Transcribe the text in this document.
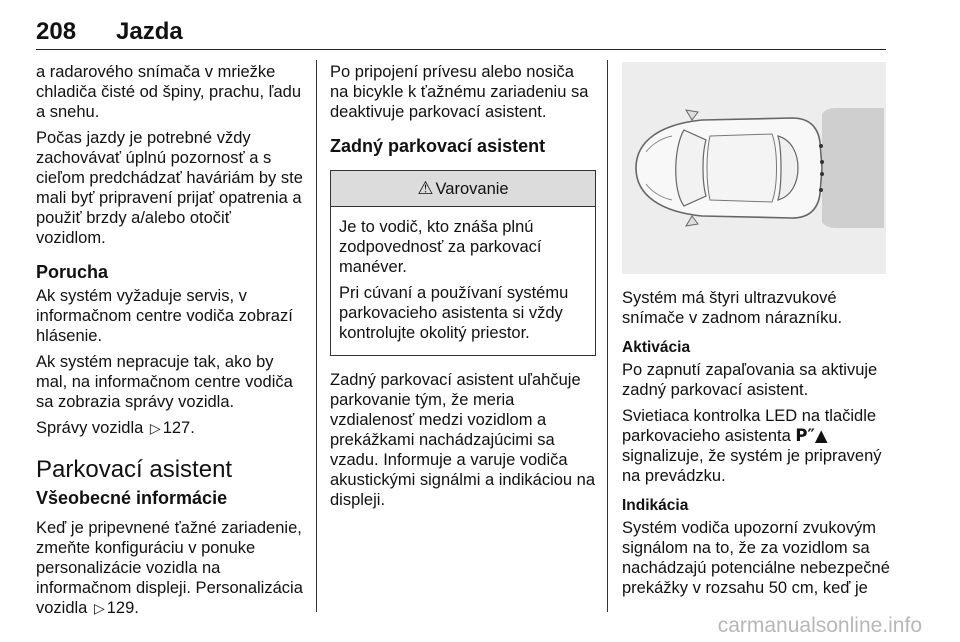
208 Jazda

a radarového snímača v mriežke chladiča čisté od špiny, prachu, ľadu a snehu.

Počas jazdy je potrebné vždy zachovávať úplnú pozornosť a s cieľom predchádzať haváriám by ste mali byť pripravení prijať opatrenia a použiť brzdy a/alebo otočiť vozidlom.

Porucha

Ak systém vyžaduje servis, v informačnom centre vodiča zobrazí hlásenie.

Ak systém nepracuje tak, ako by mal, na informačnom centre vodiča sa zobrazia správy vozidla.

Správy vozidla ▷ 127.

Parkovací asistent
Všeobecné informácie

Keď je pripevnené ťažné zariadenie, zmeňte konfiguráciu v ponuke personalizácie vozidla na informačnom displeji. Personalizácia vozidla ▷ 129.

Po pripojení prívesu alebo nosiča na bicykle k ťažnému zariadeniu sa deaktivuje parkovací asistent.

Zadný parkovací asistent
⚠ Varovanie

Je to vodič, kto znáša plnú zodpovednosť za parkovací manéver.

Pri cúvaní a používaní systému parkovacieho asistenta si vždy kontrolujte okolitý priestor.

Zadný parkovací asistent uľahčuje parkovanie tým, že meria vzdialenosť medzi vozidlom a prekážkami nachádzajúcimi sa vzadu. Informuje a varuje vodiča akustickými signálmi a indikáciou na displeji.

Systém má štyri ultrazvukové snímače v zadnom nárazníku.

Aktivácia

Po zapnutí zapaľovania sa aktivuje zadný parkovací asistent.

Svietiaca kontrolka LED na tlačidle parkovacieho asistenta P″▲ signalizuje, že systém je pripravený na prevádzku.

Indikácia

Systém vodiča upozorní zvukovým signálom na to, že za vozidlom sa nachádzajú potenciálne nebezpečné prekážky v rozsahu 50 cm, keď je

carmanualsonline.info
